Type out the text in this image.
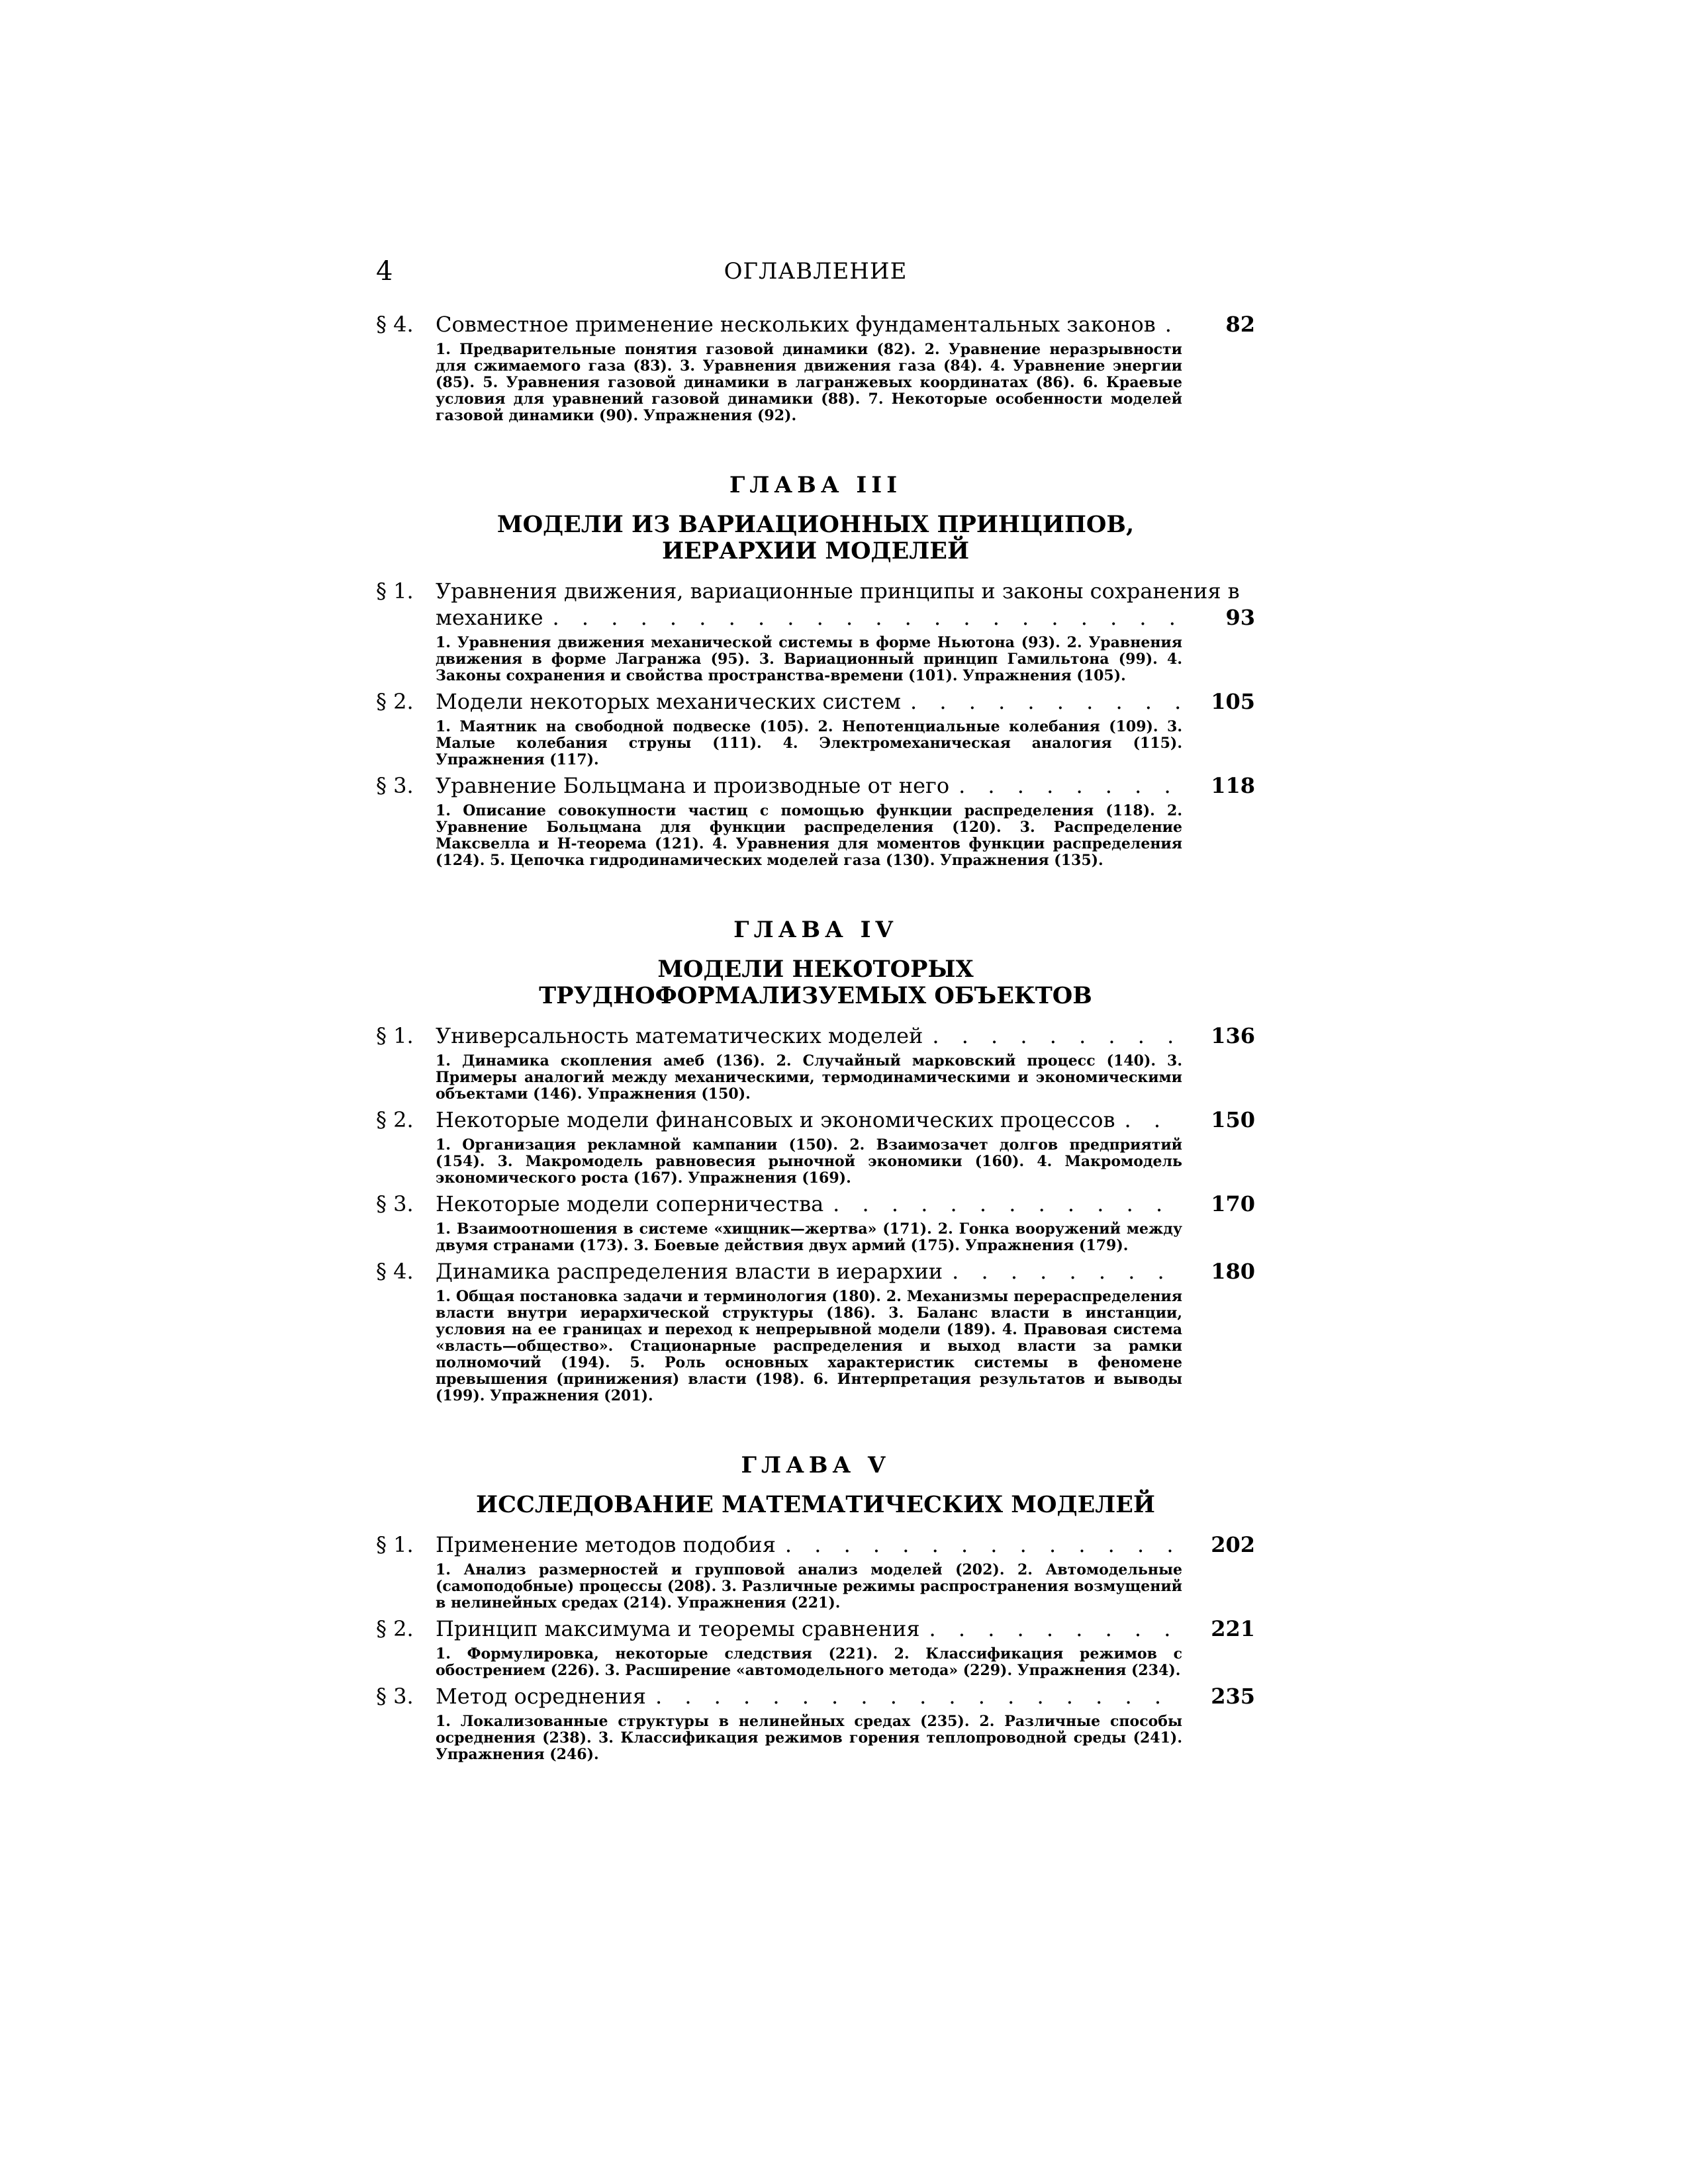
4	ОГЛАВЛЕНИЕ
§ 4.	Совместное применение нескольких фундаментальных законов . . .	82
1. Предварительные понятия газовой динамики (82). 2. Уравнение неразрывности для сжимаемого газа (83). 3. Уравнения движения газа (84). 4. Уравнение энергии (85). 5. Уравнения газовой динамики в лагранжевых координатах (86). 6. Краевые условия для уравнений газовой динамики (88). 7. Некоторые особенности моделей газовой динамики (90). Упражнения (92).
ГЛАВА III
МОДЕЛИ ИЗ ВАРИАЦИОННЫХ ПРИНЦИПОВ,
ИЕРАРХИИ МОДЕЛЕЙ
§ 1.	Уравнения движения, вариационные принципы и законы сохранения в
механике . . .	93
1. Уравнения движения механической системы в форме Ньютона (93). 2. Уравнения движения в форме Лагранжа (95). 3. Вариационный принцип Гамильтона (99). 4. Законы сохранения и свойства пространства-времени (101). Упражнения (105).
§ 2.	Модели некоторых механических систем . . .	105
1. Маятник на свободной подвеске (105). 2. Непотенциальные колебания (109). 3. Малые колебания струны (111). 4. Электромеханическая аналогия (115). Упражнения (117).
§ 3.	Уравнение Больцмана и производные от него . . .	118
1. Описание совокупности частиц с помощью функции распределения (118). 2. Уравнение Больцмана для функции распределения (120). 3. Распределение Максвелла и H-теорема (121). 4. Уравнения для моментов функции распределения (124). 5. Цепочка гидродинамических моделей газа (130). Упражнения (135).
ГЛАВА IV
МОДЕЛИ НЕКОТОРЫХ
ТРУДНОФОРМАЛИЗУЕМЫХ ОБЪЕКТОВ
§ 1.	Универсальность математических моделей . . .	136
1. Динамика скопления амеб (136). 2. Случайный марковский процесс (140). 3. Примеры аналогий между механическими, термодинамическими и экономическими объектами (146). Упражнения (150).
§ 2.	Некоторые модели финансовых и экономических процессов . . .	150
1. Организация рекламной кампании (150). 2. Взаимозачет долгов предприятий (154). 3. Макромодель равновесия рыночной экономики (160). 4. Макромодель экономического роста (167). Упражнения (169).
§ 3.	Некоторые модели соперничества . . .	170
1. Взаимоотношения в системе «хищник—жертва» (171). 2. Гонка вооружений между двумя странами (173). 3. Боевые действия двух армий (175). Упражнения (179).
§ 4.	Динамика распределения власти в иерархии . . .	180
1. Общая постановка задачи и терминология (180). 2. Механизмы перераспределения власти внутри иерархической структуры (186). 3. Баланс власти в инстанции, условия на ее границах и переход к непрерывной модели (189). 4. Правовая система «власть—общество». Стационарные распределения и выход власти за рамки полномочий (194). 5. Роль основных характеристик системы в феномене превышения (принижения) власти (198). 6. Интерпретация результатов и выводы (199). Упражнения (201).
ГЛАВА V
ИССЛЕДОВАНИЕ МАТЕМАТИЧЕСКИХ МОДЕЛЕЙ
§ 1.	Применение методов подобия . . .	202
1. Анализ размерностей и групповой анализ моделей (202). 2. Автомодельные (самоподобные) процессы (208). 3. Различные режимы распространения возмущений в нелинейных средах (214). Упражнения (221).
§ 2.	Принцип максимума и теоремы сравнения . . .	221
1. Формулировка, некоторые следствия (221). 2. Классификация режимов с обострением (226). 3. Расширение «автомодельного метода» (229). Упражнения (234).
§ 3.	Метод осреднения . . .	235
1. Локализованные структуры в нелинейных средах (235). 2. Различные способы осреднения (238). 3. Классификация режимов горения теплопроводной среды (241). Упражнения (246).
